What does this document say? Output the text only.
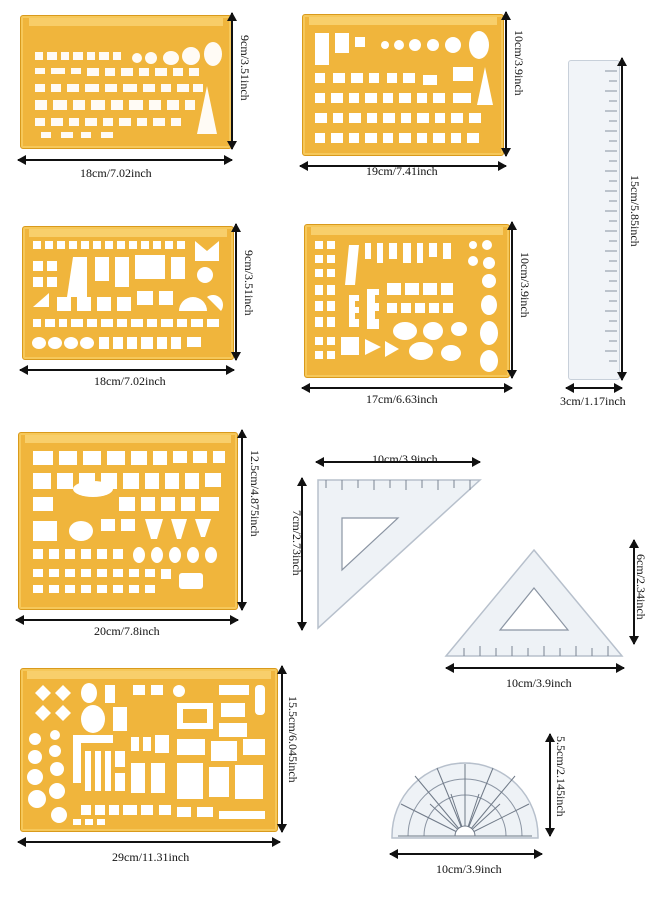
18cm/7.02inch
9cm/3.51inch
19cm/7.41inch
10cm/3.9inch
3cm/1.17inch
15cm/5.85inch
18cm/7.02inch
9cm/3.51inch
17cm/6.63inch
10cm/3.9inch
20cm/7.8inch
12.5cm/4.875inch	10cm/3.9inch
7cm/2.73inch
6cm/2.34inch
10cm/3.9inch
29cm/11.31inch
15.5cm/6.045inch	5.5cm/2.145inch
10cm/3.9inch
